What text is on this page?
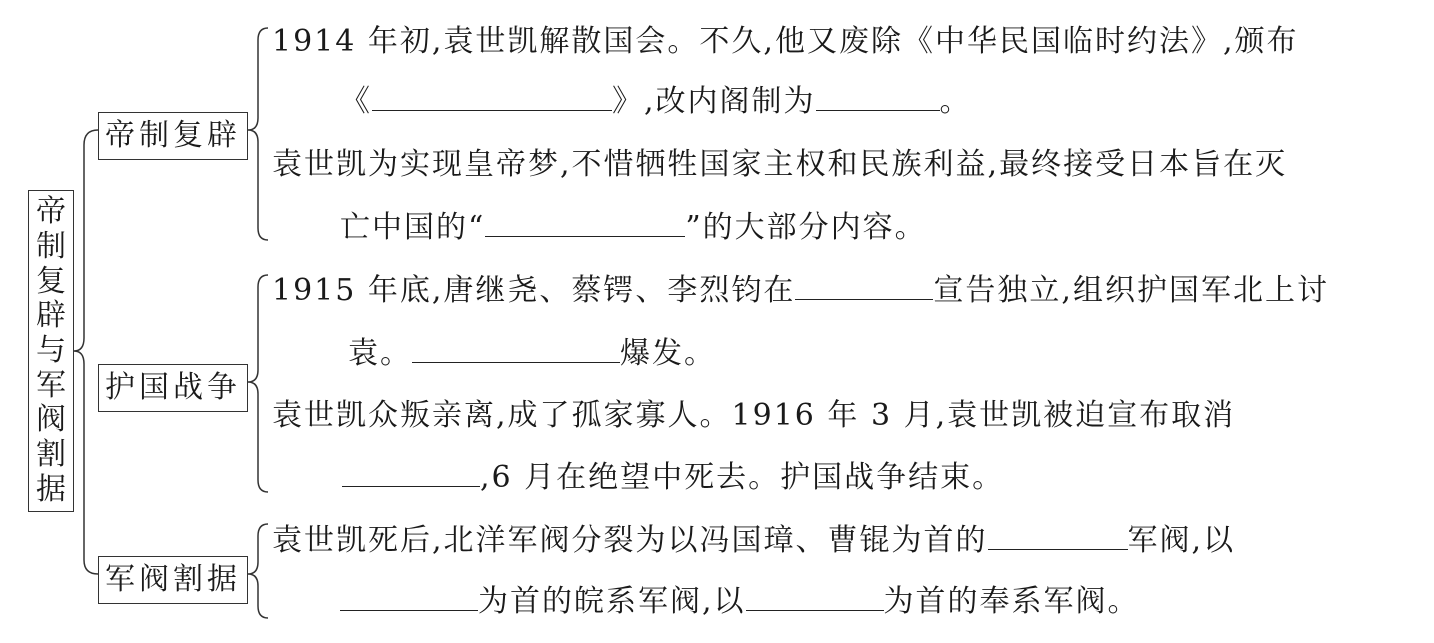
帝
制
复
辟
与
军
阀
割
据
帝制复辟
护国战争
军阀割据
1914 年初,袁世凯解散国会。不久,他又废除《中华民国临时约法》,颁布
《	》,改内阁制为	。
袁世凯为实现皇帝梦,不惜牺牲国家主权和民族利益,最终接受日本旨在灭
亡中国的“	”的大部分内容。
1915 年底,唐继尧、蔡锷、李烈钧在	宣告独立,组织护国军北上讨
袁。	爆发。
袁世凯众叛亲离,成了孤家寡人。1916 年 3 月,袁世凯被迫宣布取消
,6 月在绝望中死去。护国战争结束。
袁世凯死后,北洋军阀分裂为以冯国璋、曹锟为首的	军阀,以
为首的皖系军阀,以	为首的奉系军阀。
